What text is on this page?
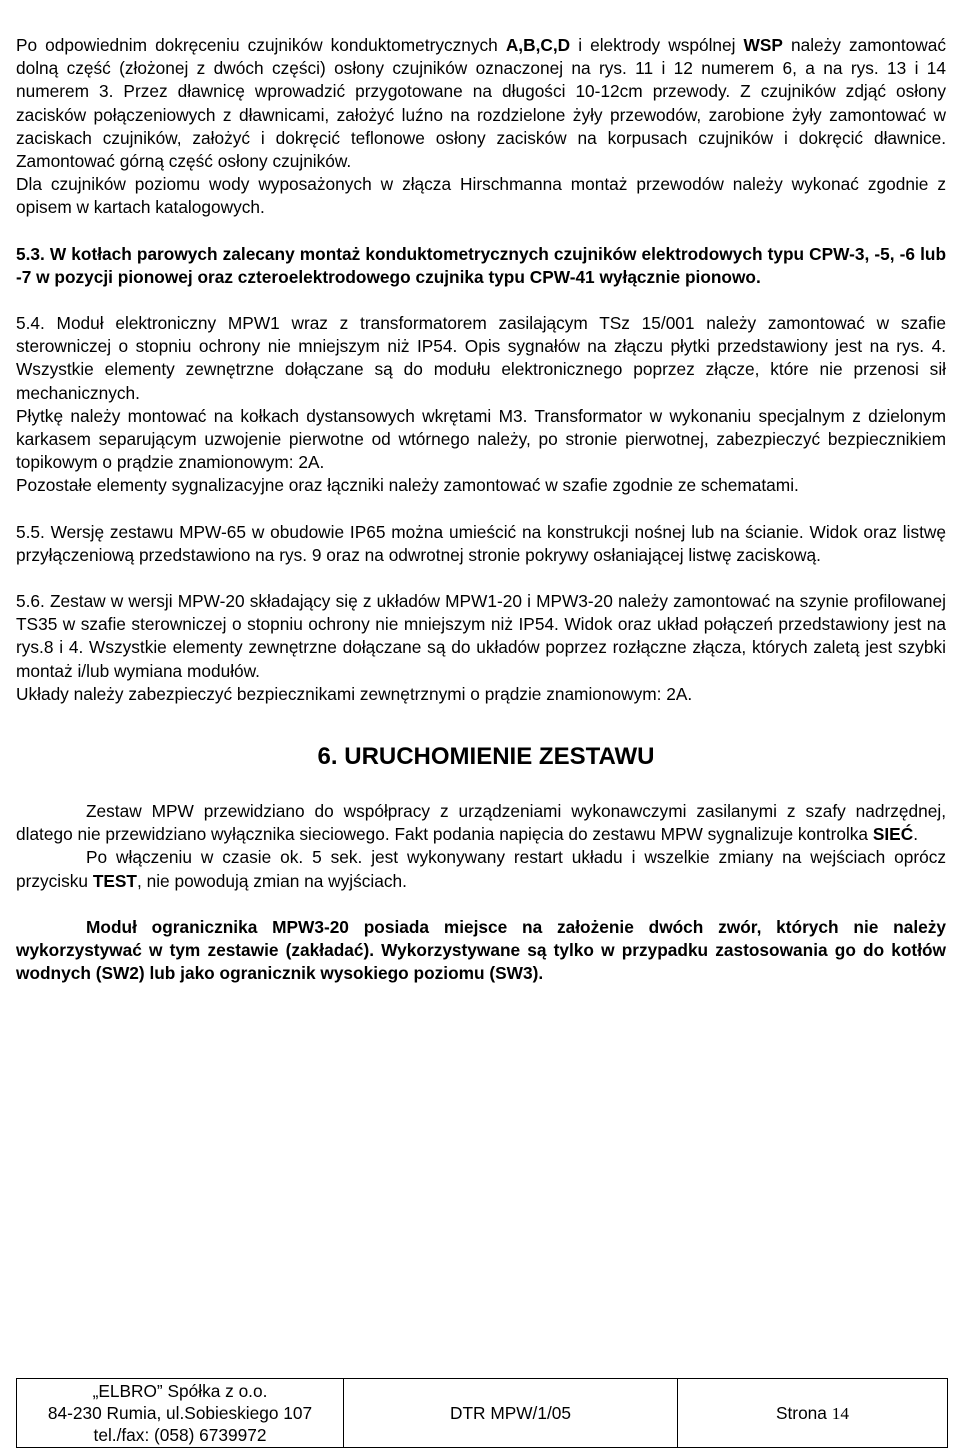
Po odpowiednim dokręceniu czujników konduktometrycznych A,B,C,D i elektrody wspólnej WSP należy zamontować dolną część (złożonej z dwóch części) osłony czujników oznaczonej na rys. 11 i 12 numerem 6, a na rys. 13 i 14 numerem 3. Przez dławnicę wprowadzić przygotowane na długości 10-12cm przewody. Z czujników zdjąć osłony zacisków połączeniowych z dławnicami, założyć luźno na rozdzielone żyły przewodów, zarobione żyły zamontować w zaciskach czujników, założyć i dokręcić teflonowe osłony zacisków na korpusach czujników i dokręcić dławnice. Zamontować górną część osłony czujników.

Dla czujników poziomu wody wyposażonych w złącza Hirschmanna montaż przewodów należy wykonać zgodnie z opisem w kartach katalogowych.

5.3. W kotłach parowych zalecany montaż konduktometrycznych czujników elektrodowych typu CPW-3, -5, -6 lub -7 w pozycji pionowej oraz czteroelektrodowego czujnika typu CPW-41 wyłącznie pionowo.

5.4. Moduł elektroniczny MPW1 wraz z transformatorem zasilającym TSz 15/001 należy zamontować w szafie sterowniczej o stopniu ochrony nie mniejszym niż IP54. Opis sygnałów na złączu płytki przedstawiony jest na rys. 4. Wszystkie elementy zewnętrzne dołączane są do modułu elektronicznego poprzez złącze, które nie przenosi sił mechanicznych.

Płytkę należy montować na kołkach dystansowych wkrętami M3. Transformator w wykonaniu specjalnym z dzielonym karkasem separującym uzwojenie pierwotne od wtórnego należy, po stronie pierwotnej, zabezpieczyć bezpiecznikiem topikowym o prądzie znamionowym: 2A.

Pozostałe elementy sygnalizacyjne oraz łączniki należy zamontować w szafie zgodnie ze schematami.

5.5. Wersję zestawu MPW-65 w obudowie IP65 można umieścić na konstrukcji nośnej lub na ścianie. Widok oraz listwę przyłączeniową przedstawiono na rys. 9 oraz na odwrotnej stronie pokrywy osłaniającej listwę zaciskową.

5.6. Zestaw w wersji MPW-20 składający się z układów MPW1-20 i MPW3-20 należy zamontować na szynie profilowanej TS35 w szafie sterowniczej o stopniu ochrony nie mniejszym niż IP54. Widok oraz układ połączeń przedstawiony jest na rys.8 i 4. Wszystkie elementy zewnętrzne dołączane są do układów poprzez rozłączne złącza, których zaletą jest szybki montaż i/lub wymiana modułów.

Układy należy zabezpieczyć bezpiecznikami zewnętrznymi o prądzie znamionowym: 2A.

6. URUCHOMIENIE ZESTAWU

Zestaw MPW przewidziano do współpracy z urządzeniami wykonawczymi zasilanymi z szafy nadrzędnej, dlatego nie przewidziano wyłącznika sieciowego. Fakt podania napięcia do zestawu MPW sygnalizuje kontrolka SIEĆ.

Po włączeniu w czasie ok. 5 sek. jest wykonywany restart układu i wszelkie zmiany na wejściach oprócz przycisku TEST, nie powodują zmian na wyjściach.

Moduł ogranicznika MPW3-20 posiada miejsce na założenie dwóch zwór, których nie należy wykorzystywać w tym zestawie (zakładać). Wykorzystywane są tylko w przypadku zastosowania go do kotłów wodnych (SW2) lub jako ogranicznik wysokiego poziomu (SW3).

„ELBRO” Spółka z o.o.
84-230 Rumia, ul.Sobieskiego 107
tel./fax: (058) 6739972
	DTR MPW/1/05	Strona 14
